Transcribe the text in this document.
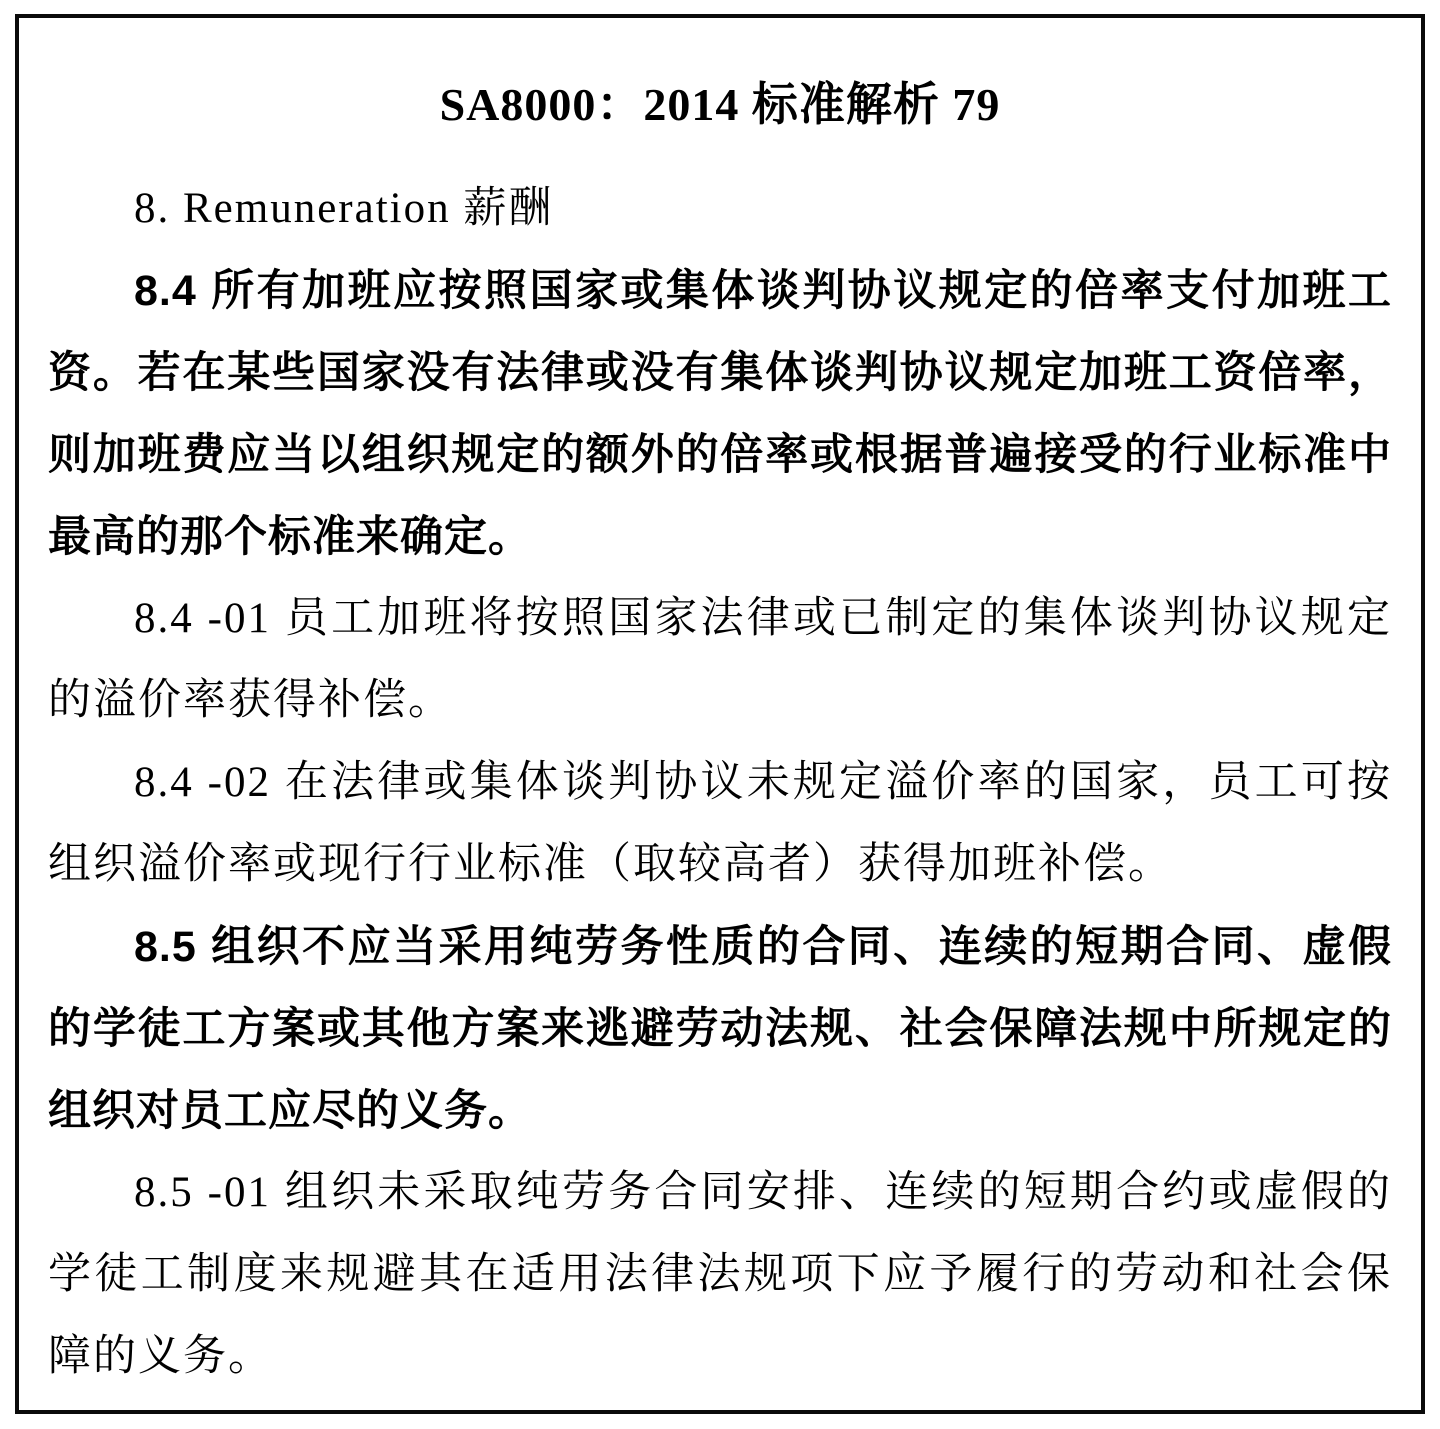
SA8000：2014 标准解析 79

8. Remuneration 薪酬

8.4 所有加班应按照国家或集体谈判协议规定的倍率支付加班工资。若在某些国家没有法律或没有集体谈判协议规定加班工资倍率，则加班费应当以组织规定的额外的倍率或根据普遍接受的行业标准中最高的那个标准来确定。

8.4 -01 员工加班将按照国家法律或已制定的集体谈判协议规定的溢价率获得补偿。

8.4 -02 在法律或集体谈判协议未规定溢价率的国家，员工可按组织溢价率或现行行业标准（取较高者）获得加班补偿。

8.5 组织不应当采用纯劳务性质的合同、连续的短期合同、虚假的学徒工方案或其他方案来逃避劳动法规、社会保障法规中所规定的组织对员工应尽的义务。

8.5 -01 组织未采取纯劳务合同安排、连续的短期合约或虚假的学徒工制度来规避其在适用法律法规项下应予履行的劳动和社会保障的义务。
